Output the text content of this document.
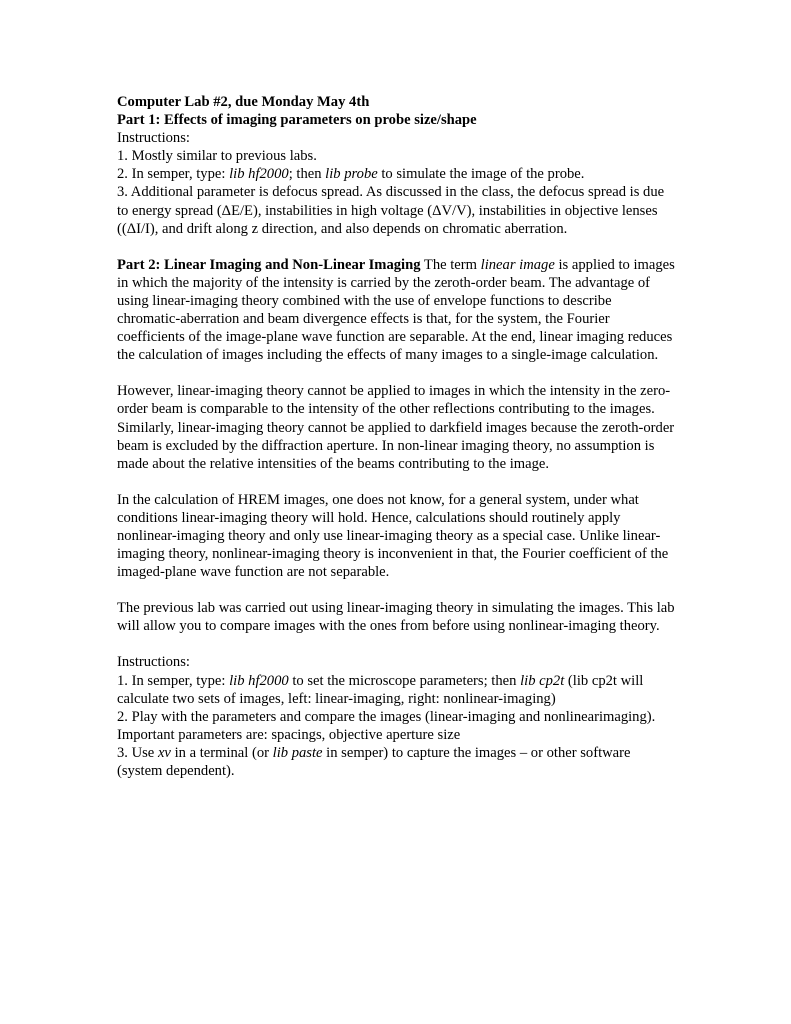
Computer Lab #2, due Monday May 4th

Part 1: Effects of imaging parameters on probe size/shape

Instructions:

1. Mostly similar to previous labs.

2. In semper, type: lib hf2000; then lib probe to simulate the image of the probe.

3. Additional parameter is defocus spread. As discussed in the class, the defocus spread is due to energy spread (ΔE/E), instabilities in high voltage (ΔV/V), instabilities in objective lenses ((ΔI/I), and drift along z direction, and also depends on chromatic aberration.

Part 2: Linear Imaging and Non-Linear Imaging The term linear image is applied to images in which the majority of the intensity is carried by the zeroth-order beam. The advantage of using linear-imaging theory combined with the use of envelope functions to describe chromatic-aberration and beam divergence effects is that, for the system, the Fourier coefficients of the image-plane wave function are separable. At the end, linear imaging reduces the calculation of images including the effects of many images to a single-image calculation.

However, linear-imaging theory cannot be applied to images in which the intensity in the zero-order beam is comparable to the intensity of the other reflections contributing to the images. Similarly, linear-imaging theory cannot be applied to darkfield images because the zeroth-order beam is excluded by the diffraction aperture. In non-linear imaging theory, no assumption is made about the relative intensities of the beams contributing to the image.

In the calculation of HREM images, one does not know, for a general system, under what conditions linear-imaging theory will hold. Hence, calculations should routinely apply nonlinear-imaging theory and only use linear-imaging theory as a special case. Unlike linear-imaging theory, nonlinear-imaging theory is inconvenient in that, the Fourier coefficient of the imaged-plane wave function are not separable.

The previous lab was carried out using linear-imaging theory in simulating the images. This lab will allow you to compare images with the ones from before using nonlinear-imaging theory.

Instructions:

1. In semper, type: lib hf2000 to set the microscope parameters; then lib cp2t (lib cp2t will calculate two sets of images, left: linear-imaging, right: nonlinear-imaging)

2. Play with the parameters and compare the images (linear-imaging and nonlinearimaging).

Important parameters are: spacings, objective aperture size

3. Use xv in a terminal (or lib paste in semper) to capture the images – or other software (system dependent).
